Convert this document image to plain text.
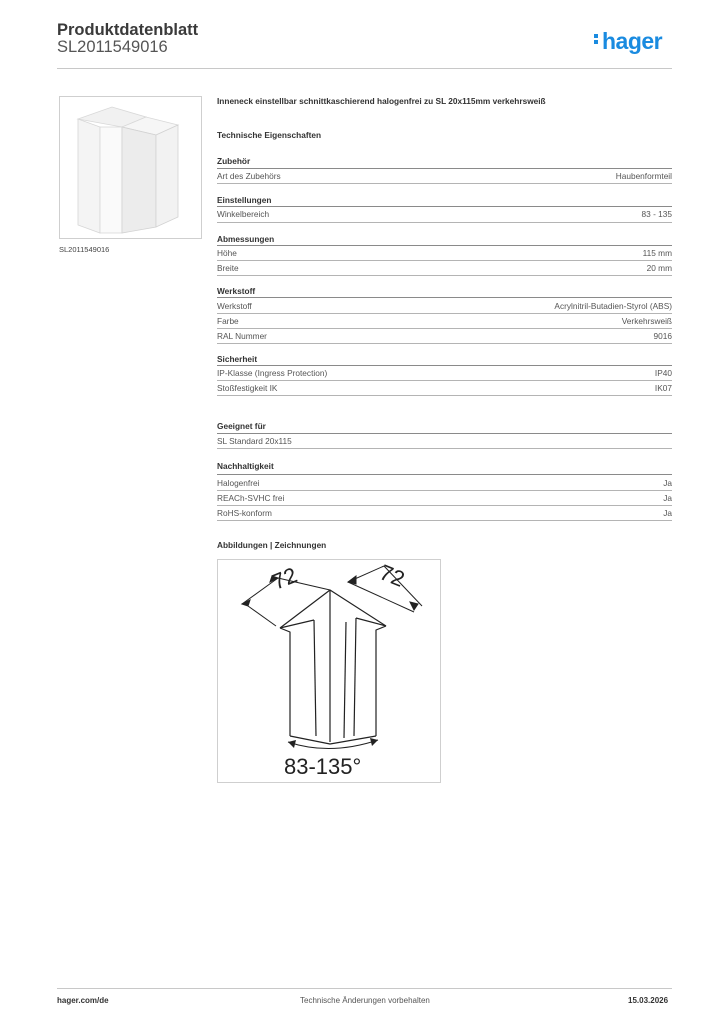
Produktdatenblatt
SL2011549016	hager
SL2011549016
Inneneck einstellbar schnittkaschierend halogenfrei zu SL 20x115mm verkehrsweiß
Technische Eigenschaften
Zubehör
Art des Zubehörs	Haubenformteil
Einstellungen
Winkelbereich	83 - 135
Abmessungen
Höhe	115 mm
Breite	20 mm
Werkstoff
Werkstoff	Acrylnitril-Butadien-Styrol (ABS)
Farbe	Verkehrsweiß
RAL Nummer	9016
Sicherheit
IP-Klasse (Ingress Protection)	IP40
Stoßfestigkeit IK	IK07
Geeignet für
SL Standard 20x115
Nachhaltigkeit
Halogenfrei	Ja
REACh-SVHC frei	Ja
RoHS-konform	Ja
Abbildungen | Zeichnungen
72	72
83-135°
hager.com/de	Technische Änderungen vorbehalten	15.03.2026
